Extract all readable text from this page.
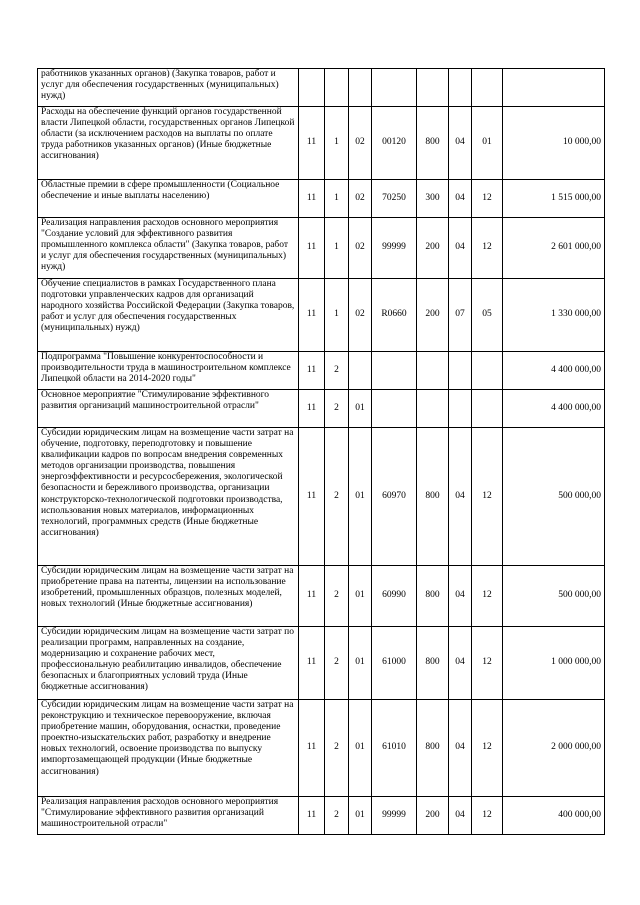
работников указанных органов) (Закупка товаров, работ и услуг для обеспечения государственных (муниципальных) нужд)								
Расходы на обеспечение функций органов государственной власти Липецкой области, государственных органов Липецкой области (за исключением расходов на выплаты по оплате труда работников указанных органов) (Иные бюджетные ассигнования)	11	1	02	00120	800	04	01	10 000,00
Областные премии в сфере промышленности (Социальное обеспечение и иные выплаты населению)	11	1	02	70250	300	04	12	1 515 000,00
Реализация направления расходов основного мероприятия "Создание условий для эффективного развития промышленного комплекса области" (Закупка товаров, работ и услуг для обеспечения государственных (муниципальных) нужд)	11	1	02	99999	200	04	12	2 601 000,00
Обучение специалистов в рамках Государственного плана подготовки управленческих кадров для организаций народного хозяйства Российской Федерации (Закупка товаров, работ и услуг для обеспечения государственных (муниципальных) нужд)	11	1	02	R0660	200	07	05	1 330 000,00
Подпрограмма "Повышение конкурентоспособности и производительности труда в машиностроительном комплексе Липецкой области на 2014-2020 годы"	11	2						4 400 000,00
Основное мероприятие "Стимулирование эффективного развития организаций машиностроительной отрасли"	11	2	01					4 400 000,00
Субсидии юридическим лицам на возмещение части затрат на обучение, подготовку, переподготовку и повышение квалификации кадров по вопросам внедрения современных методов организации производства, повышения энергоэффективности и ресурсосбережения, экологической безопасности и бережливого производства, организации конструкторско-технологической подготовки производства, использования новых материалов, информационных технологий, программных средств (Иные бюджетные ассигнования)	11	2	01	60970	800	04	12	500 000,00
Субсидии юридическим лицам на возмещение части затрат на приобретение права на патенты, лицензии на использование изобретений, промышленных образцов, полезных моделей, новых технологий (Иные бюджетные ассигнования)	11	2	01	60990	800	04	12	500 000,00
Субсидии юридическим лицам на возмещение части затрат по реализации программ, направленных на создание, модернизацию и сохранение рабочих мест, профессиональную реабилитацию инвалидов, обеспечение безопасных и благоприятных условий труда (Иные бюджетные ассигнования)	11	2	01	61000	800	04	12	1 000 000,00
Субсидии юридическим лицам на возмещение части затрат на реконструкцию и техническое перевооружение, включая приобретение машин, оборудования, оснастки, проведение проектно-изыскательских работ, разработку и внедрение новых технологий, освоение производства по выпуску импортозамещающей продукции (Иные бюджетные ассигнования)	11	2	01	61010	800	04	12	2 000 000,00
Реализация направления расходов основного мероприятия "Стимулирование эффективного развития организаций машиностроительной отрасли"	11	2	01	99999	200	04	12	400 000,00
